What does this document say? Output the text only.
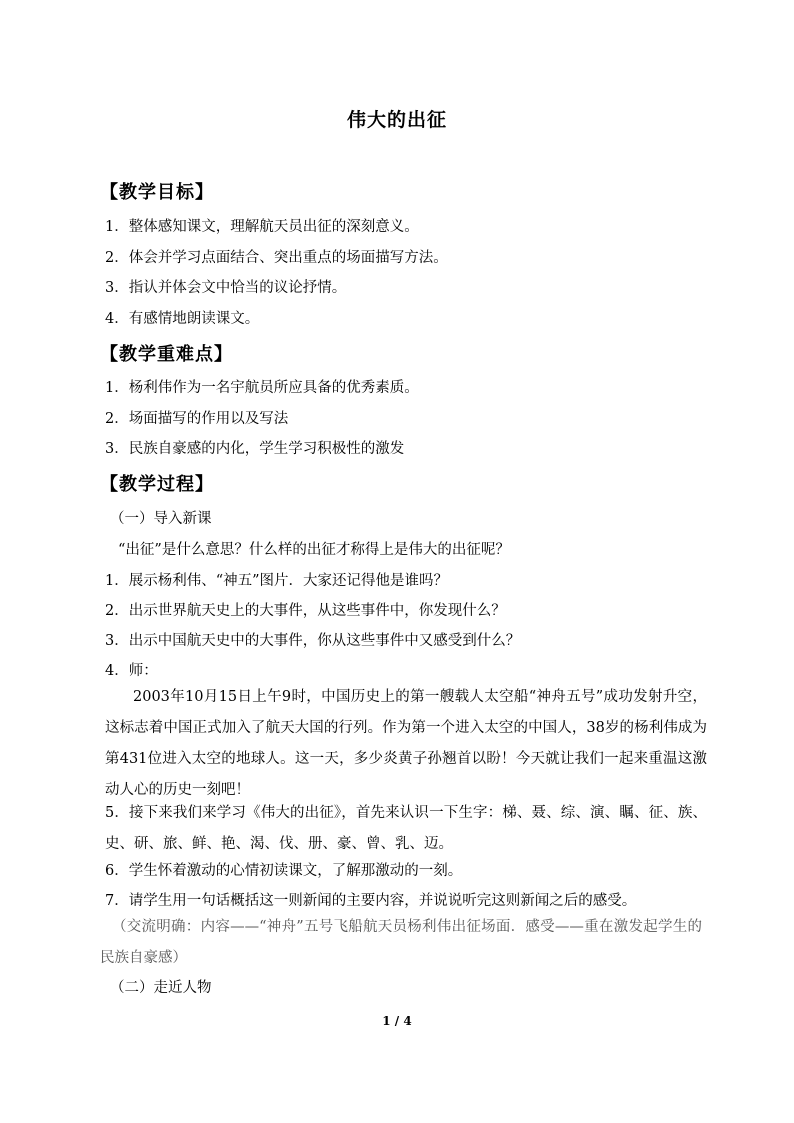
伟大的出征
【教学目标】
1．整体感知课文，理解航天员出征的深刻意义。
2．体会并学习点面结合、突出重点的场面描写方法。
3．指认并体会文中恰当的议论抒情。
4．有感情地朗读课文。
【教学重难点】
1．杨利伟作为一名宇航员所应具备的优秀素质。
2．场面描写的作用以及写法
3．民族自豪感的内化，学生学习积极性的激发
【教学过程】
（一）导入新课
“出征”是什么意思？什么样的出征才称得上是伟大的出征呢？
1．展示杨利伟、“神五”图片．大家还记得他是谁吗？
2．出示世界航天史上的大事件，从这些事件中，你发现什么？
3．出示中国航天史中的大事件，你从这些事件中又感受到什么？
4．师：
2003年10月15日上午9时，中国历史上的第一艘载人太空船“神舟五号”成功发射升空，这标志着中国正式加入了航天大国的行列。作为第一个进入太空的中国人，38岁的杨利伟成为第431位进入太空的地球人。这一天，多少炎黄子孙翘首以盼！今天就让我们一起来重温这激动人心的历史一刻吧！
5．接下来我们来学习《伟大的出征》，首先来认识一下生字：梯、聂、综、演、瞩、征、族、史、研、旅、鲜、艳、渴、伐、册、豪、曾、乳、迈。
6．学生怀着激动的心情初读课文，了解那激动的一刻。
7．请学生用一句话概括这一则新闻的主要内容，并说说听完这则新闻之后的感受。
（交流明确：内容——“神舟”五号飞船航天员杨利伟出征场面．感受——重在激发起学生的民族自豪感）
（二）走近人物
1 / 4
